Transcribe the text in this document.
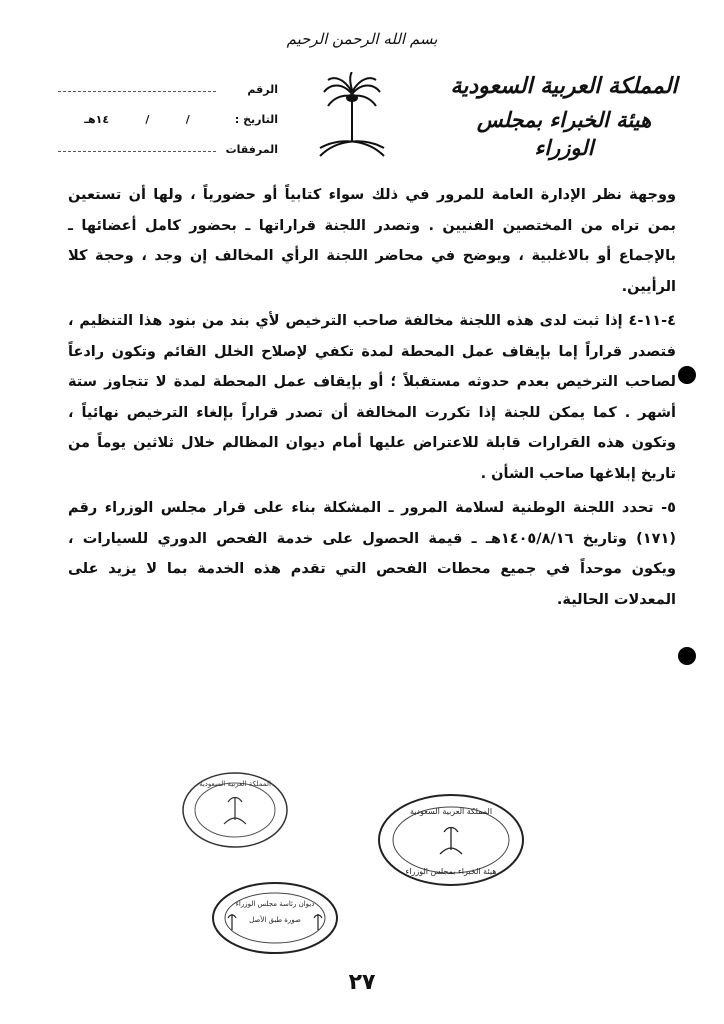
بسم الله الرحمن الرحيم
المملكة العربية السعودية
هيئة الخبراء بمجلس الوزراء
الرقم
التاريخ :
/
/
١٤هـ
المرفقات

ووجهة نظر الإدارة العامة للمرور في ذلك سواء كتابياً أو حضورياً ، ولها أن تستعين بمن تراه من المختصين الفنيين . وتصدر اللجنة قراراتها ـ بحضور كامل أعضائها ـ بالإجماع أو بالاغلبية ، ويوضح في محاضر اللجنة الرأي المخالف إن وجد ، وحجة كلا الرأيين.

٤-١١-٤ إذا ثبت لدى هذه اللجنة مخالفة صاحب الترخيص لأي بند من بنود هذا التنظيم ، فتصدر قراراً إما بإيقاف عمل المحطة لمدة تكفي لإصلاح الخلل القائم وتكون رادعاً لصاحب الترخيص بعدم حدوثه مستقبلاً ؛ أو بإيقاف عمل المحطة لمدة لا تتجاوز ستة أشهر . كما يمكن للجنة إذا تكررت المخالفة أن تصدر قراراً بإلغاء الترخيص نهائياً ، وتكون هذه القرارات قابلة للاعتراض عليها أمام ديوان المظالم خلال ثلاثين يوماً من تاريخ إبلاغها صاحب الشأن .

٥- تحدد اللجنة الوطنية لسلامة المرور ـ المشكلة بناء على قرار مجلس الوزراء رقم (١٧١) وتاريخ ١٤٠٥/٨/١٦هـ ـ قيمة الحصول على خدمة الفحص الدوري للسيارات ، ويكون موحداً في جميع محطات الفحص التي تقدم هذه الخدمة بما لا يزيد على المعدلات الحالية.

المملكة العربية السعودية
المملكة العربية السعودية
هيئة الخبراء بمجلس الوزراء
ديوان رئاسة مجلس الوزراء
صورة طبق الأصل
٢٧
